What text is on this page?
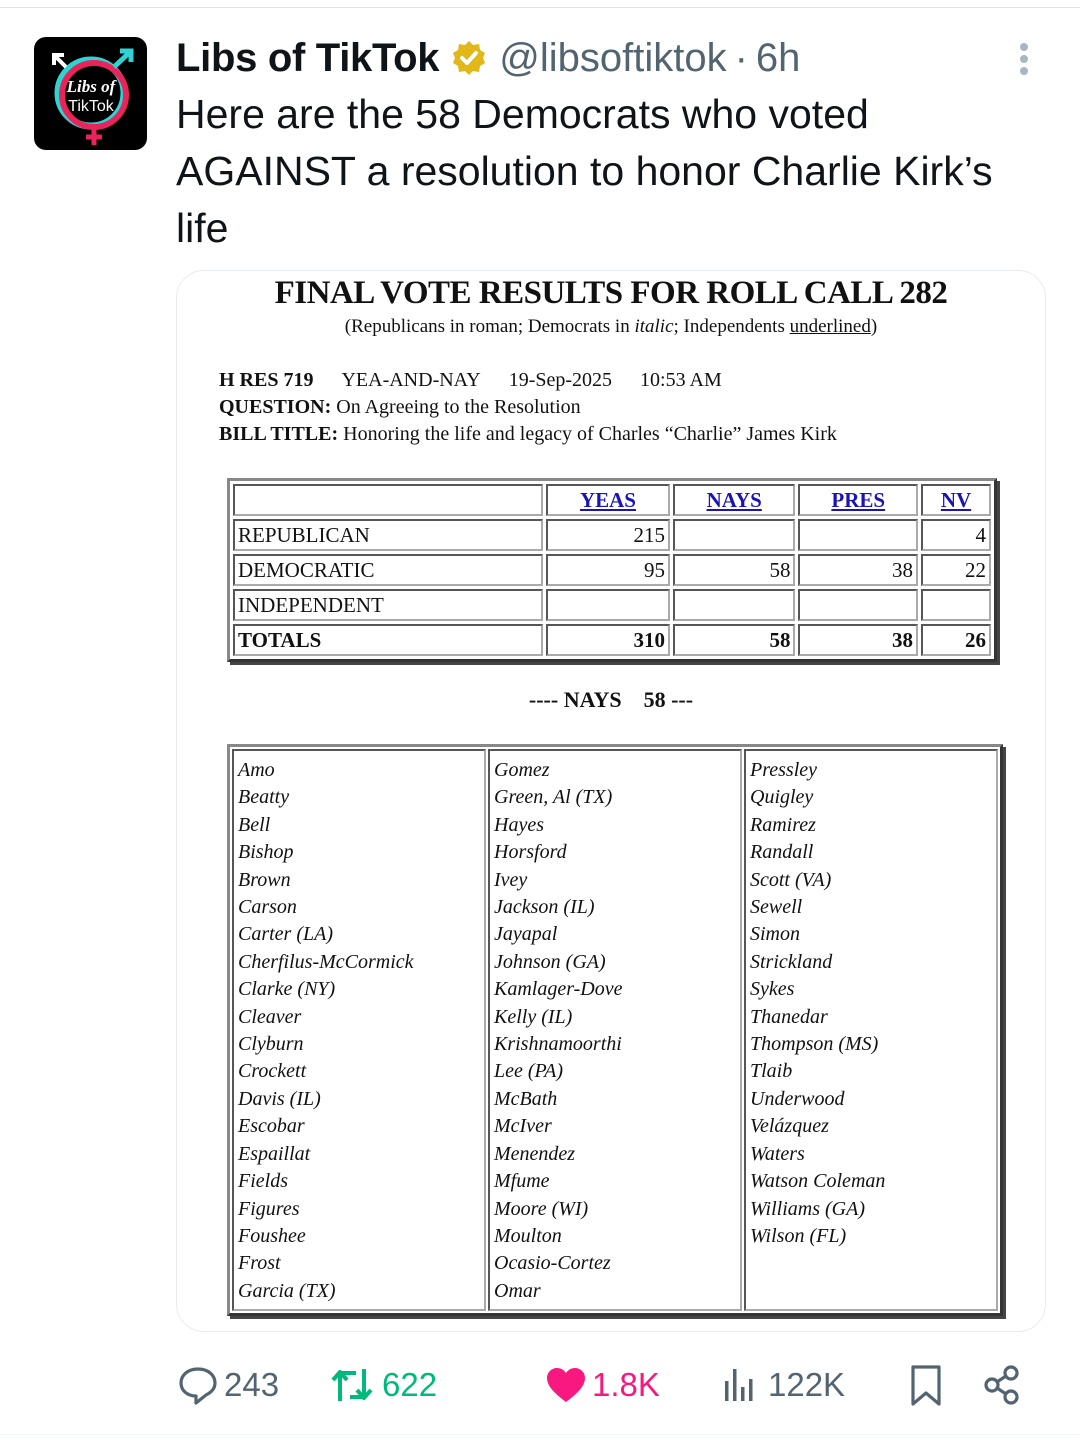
Libs of
TikTok
Libs of TikTok @libsoftiktok · 6h
Here are the 58 Democrats who voted AGAINST a resolution to honor Charlie Kirk’s life
FINAL VOTE RESULTS FOR ROLL CALL 282
(Republicans in roman; Democrats in italic; Independents underlined)
H RES 719 YEA-AND-NAY 19-Sep-2025 10:53 AM
QUESTION: On Agreeing to the Resolution
BILL TITLE: Honoring the life and legacy of Charles “Charlie” James Kirk
	YEAS	NAYS	PRES	NV
REPUBLICAN	215			4
DEMOCRATIC	95	58	38	22
INDEPENDENT				
TOTALS	310	58	38	26
---- NAYS    58 ---
Amo
Beatty
Bell
Bishop
Brown
Carson
Carter (LA)
Cherfilus-McCormick
Clarke (NY)
Cleaver
Clyburn
Crockett
Davis (IL)
Escobar
Espaillat
Fields
Figures
Foushee
Frost
Garcia (TX)

Gomez
Green, Al (TX)
Hayes
Horsford
Ivey
Jackson (IL)
Jayapal
Johnson (GA)
Kamlager-Dove
Kelly (IL)
Krishnamoorthi
Lee (PA)
McBath
McIver
Menendez
Mfume
Moore (WI)
Moulton
Ocasio-Cortez
Omar

Pressley
Quigley
Ramirez
Randall
Scott (VA)
Sewell
Simon
Strickland
Sykes
Thanedar
Thompson (MS)
Tlaib
Underwood
Velázquez
Waters
Watson Coleman
Williams (GA)
Wilson (FL)
243	622	1.8K	122K
